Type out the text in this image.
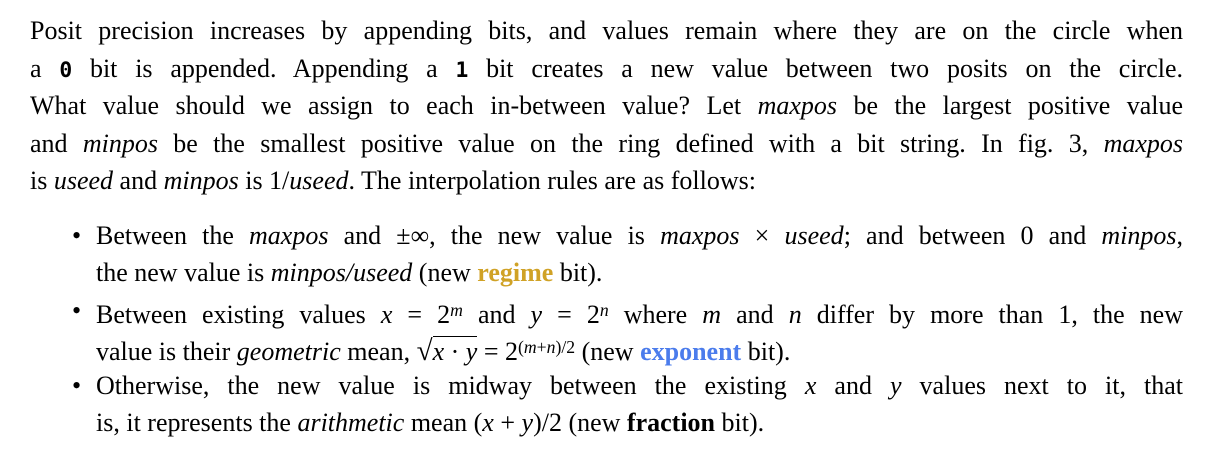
Posit precision increases by appending bits, and values remain where they are on the circle when
a 0 bit is appended. Appending a 1 bit creates a new value between two posits on the circle.
What value should we assign to each in-between value? Let maxpos be the largest positive value
and minpos be the smallest positive value on the ring defined with a bit string. In fig. 3, maxpos
is useed and minpos is 1/useed. The interpolation rules are as follows:
• Between the maxpos and ±∞, the new value is maxpos × useed; and between 0 and minpos,
the new value is minpos/useed (new regime bit).
• Between existing values $x = 2^m$ and $y = 2^n$ where m and n differ by more than 1, the new
value is their geometric mean, $√x \cdot y = 2^{(m+n)/2}$ (new exponent bit).
• Otherwise, the new value is midway between the existing x and y values next to it, that
is, it represents the arithmetic mean (x + y)/2 (new fraction bit).
